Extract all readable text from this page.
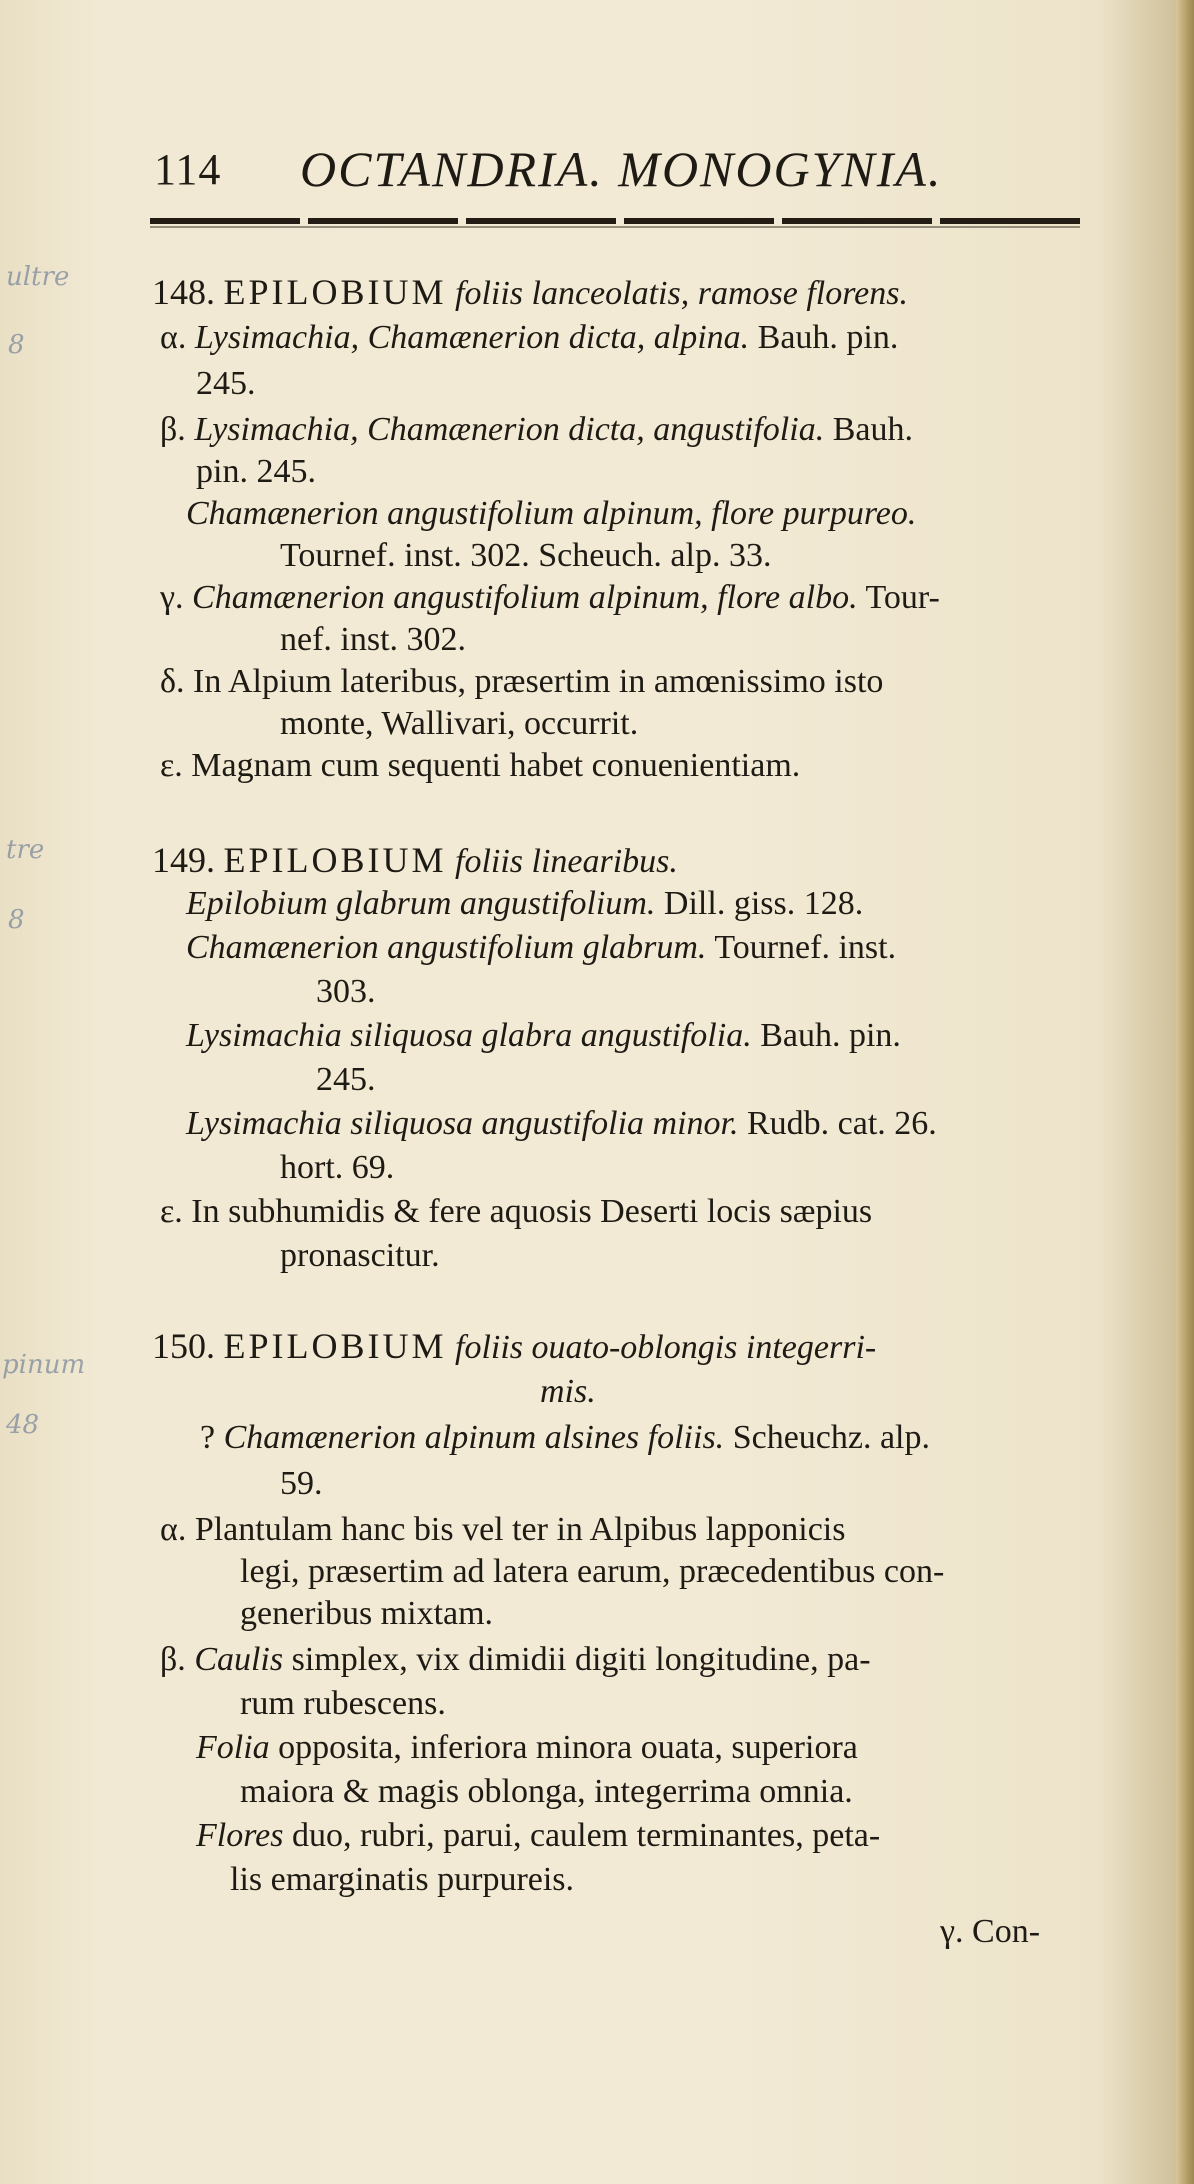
ultre
8
tre
8
pinum
48
114 OCTANDRIA. MONOGYNIA.
148. EPILOBIUM foliis lanceolatis, ramose florens.
α. Lysimachia, Chamænerion dicta, alpina. Bauh. pin.
245.
β. Lysimachia, Chamænerion dicta, angustifolia. Bauh.
pin. 245.
Chamænerion angustifolium alpinum, flore purpureo.
Tournef. inst. 302. Scheuch. alp. 33.
γ. Chamænerion angustifolium alpinum, flore albo. Tour-
nef. inst. 302.
δ. In Alpium lateribus, præsertim in amœnissimo isto
monte, Wallivari, occurrit.
ε. Magnam cum sequenti habet conuenientiam.
149. EPILOBIUM foliis linearibus.
Epilobium glabrum angustifolium. Dill. giss. 128.
Chamænerion angustifolium glabrum. Tournef. inst.
303.
Lysimachia siliquosa glabra angustifolia. Bauh. pin.
245.
Lysimachia siliquosa angustifolia minor. Rudb. cat. 26.
hort. 69.
ε. In subhumidis & fere aquosis Deserti locis sæpius
pronascitur.
150. EPILOBIUM foliis ouato-oblongis integerri-
mis.
? Chamænerion alpinum alsines foliis. Scheuchz. alp.
59.
α. Plantulam hanc bis vel ter in Alpibus lapponicis
legi, præsertim ad latera earum, præcedentibus con-
generibus mixtam.
β. Caulis simplex, vix dimidii digiti longitudine, pa-
rum rubescens.
Folia opposita, inferiora minora ouata, superiora
maiora & magis oblonga, integerrima omnia.
Flores duo, rubri, parui, caulem terminantes, peta-
lis emarginatis purpureis.
γ. Con-
